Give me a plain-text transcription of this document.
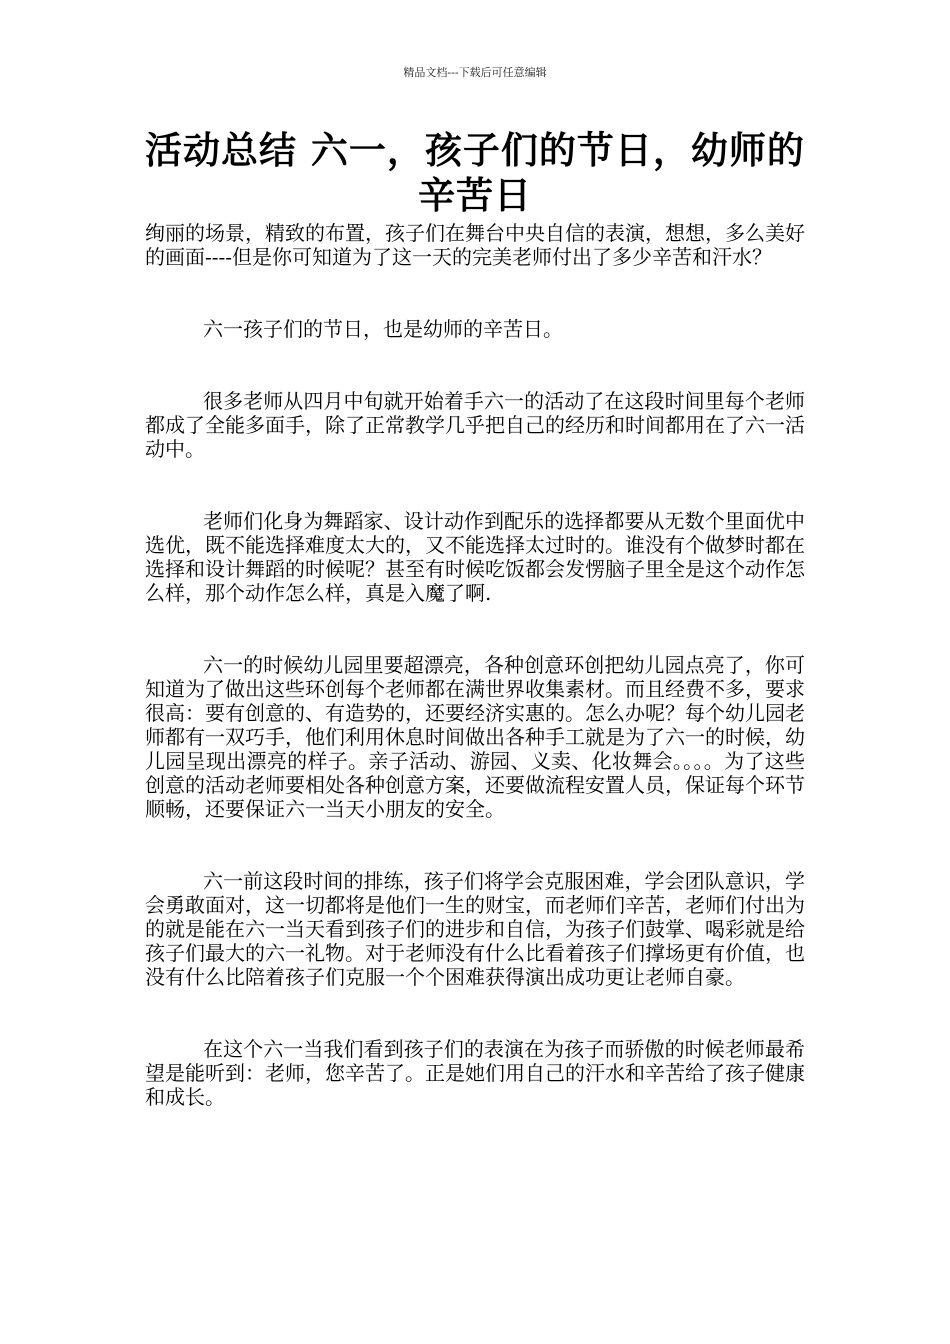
精品文档---下载后可任意编辑
活动总结 六一，孩子们的节日，幼师的辛苦日

绚丽的场景，精致的布置，孩子们在舞台中央自信的表演，想想，多么美好的画面----但是你可知道为了这一天的完美老师付出了多少辛苦和汗水？

六一孩子们的节日，也是幼师的辛苦日。

很多老师从四月中旬就开始着手六一的活动了在这段时间里每个老师都成了全能多面手，除了正常教学几乎把自己的经历和时间都用在了六一活动中。

老师们化身为舞蹈家、设计动作到配乐的选择都要从无数个里面优中选优，既不能选择难度太大的，又不能选择太过时的。谁没有个做梦时都在选择和设计舞蹈的时候呢？甚至有时候吃饭都会发愣脑子里全是这个动作怎么样，那个动作怎么样，真是入魔了啊.

六一的时候幼儿园里要超漂亮，各种创意环创把幼儿园点亮了，你可知道为了做出这些环创每个老师都在满世界收集素材。而且经费不多，要求很高：要有创意的、有造势的，还要经济实惠的。怎么办呢？每个幼儿园老师都有一双巧手，他们利用休息时间做出各种手工就是为了六一的时候，幼儿园呈现出漂亮的样子。亲子活动、游园、义卖、化妆舞会。。。。为了这些创意的活动老师要相处各种创意方案，还要做流程安置人员，保证每个环节顺畅，还要保证六一当天小朋友的安全。

六一前这段时间的排练，孩子们将学会克服困难，学会团队意识，学会勇敢面对，这一切都将是他们一生的财宝，而老师们辛苦，老师们付出为的就是能在六一当天看到孩子们的进步和自信，为孩子们鼓掌、喝彩就是给孩子们最大的六一礼物。对于老师没有什么比看着孩子们撑场更有价值，也没有什么比陪着孩子们克服一个个困难获得演出成功更让老师自豪。

在这个六一当我们看到孩子们的表演在为孩子而骄傲的时候老师最希望是能听到：老师，您辛苦了。正是她们用自己的汗水和辛苦给了孩子健康和成长。
